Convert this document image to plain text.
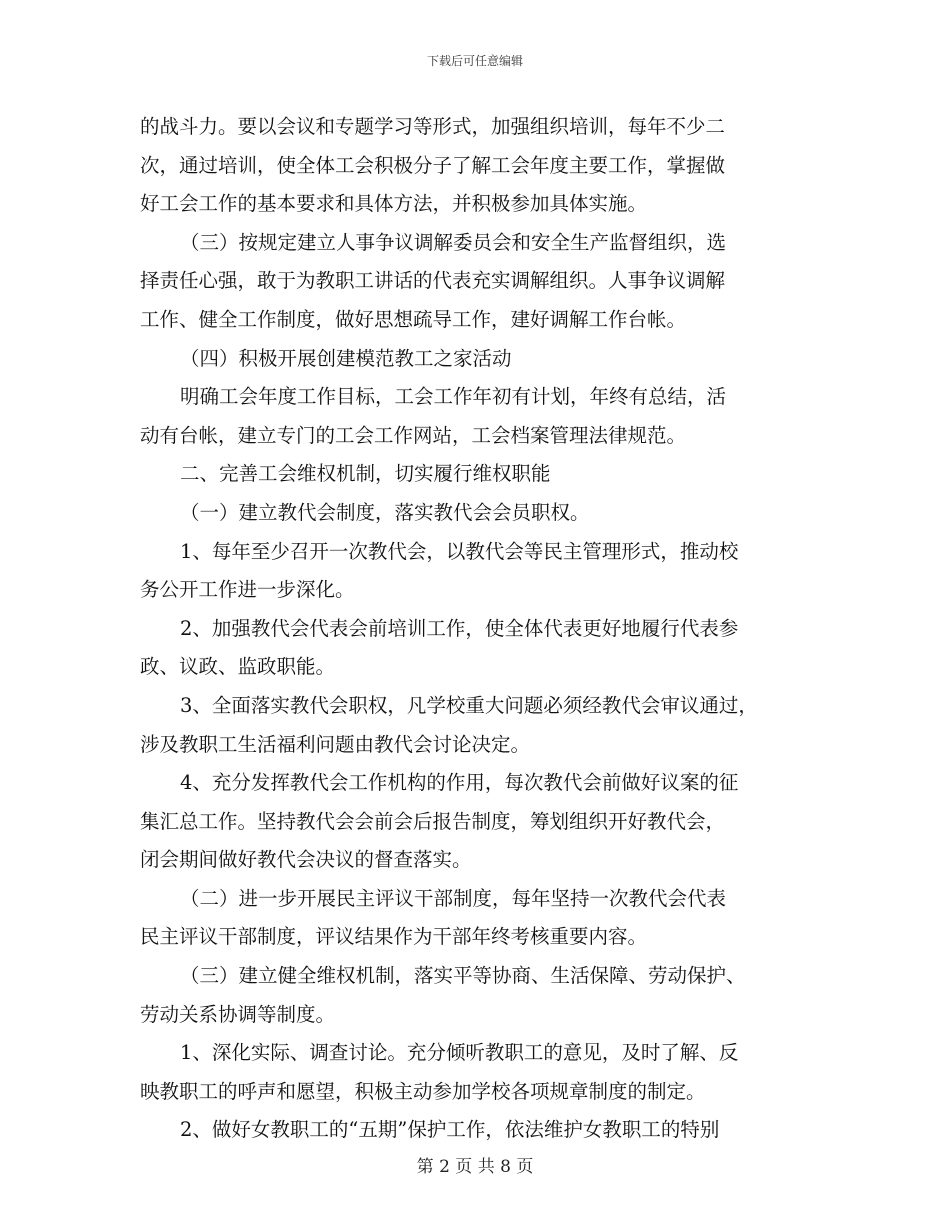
下载后可任意编辑
的战斗力。要以会议和专题学习等形式，加强组织培训，每年不少二
次，通过培训，使全体工会积极分子了解工会年度主要工作，掌握做
好工会工作的基本要求和具体方法，并积极参加具体实施。
（三）按规定建立人事争议调解委员会和安全生产监督组织，选
择责任心强，敢于为教职工讲话的代表充实调解组织。人事争议调解
工作、健全工作制度，做好思想疏导工作，建好调解工作台帐。
（四）积极开展创建模范教工之家活动
明确工会年度工作目标，工会工作年初有计划，年终有总结，活
动有台帐，建立专门的工会工作网站，工会档案管理法律规范。
二、完善工会维权机制，切实履行维权职能
（一）建立教代会制度，落实教代会会员职权。
1、每年至少召开一次教代会，以教代会等民主管理形式，推动校
务公开工作进一步深化。
2、加强教代会代表会前培训工作，使全体代表更好地履行代表参
政、议政、监政职能。
3、全面落实教代会职权，凡学校重大问题必须经教代会审议通过，
涉及教职工生活福利问题由教代会讨论决定。
4、充分发挥教代会工作机构的作用，每次教代会前做好议案的征
集汇总工作。坚持教代会会前会后报告制度，筹划组织开好教代会，
闭会期间做好教代会决议的督查落实。
（二）进一步开展民主评议干部制度，每年坚持一次教代会代表
民主评议干部制度，评议结果作为干部年终考核重要内容。
（三）建立健全维权机制，落实平等协商、生活保障、劳动保护、
劳动关系协调等制度。
1、深化实际、调查讨论。充分倾听教职工的意见，及时了解、反
映教职工的呼声和愿望，积极主动参加学校各项规章制度的制定。
2、做好女教职工的“五期”保护工作，依法维护女教职工的特别
第 2 页 共 8 页
